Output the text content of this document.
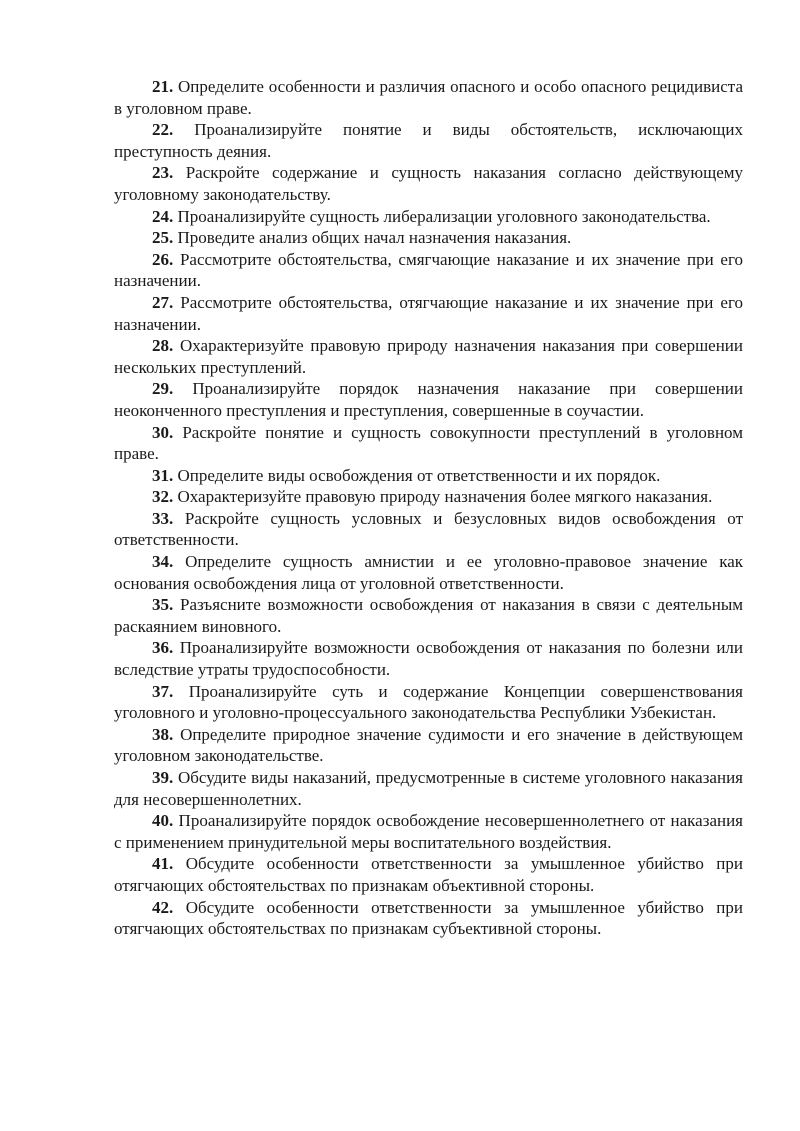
21. Определите особенности и различия опасного и особо опасного рецидивиста в уголовном праве.

22. Проанализируйте понятие и виды обстоятельств, исключающих преступность деяния.

23. Раскройте содержание и сущность наказания согласно действующему уголовному законодательству.

24. Проанализируйте сущность либерализации уголовного законодательства.

25. Проведите анализ общих начал назначения наказания.

26. Рассмотрите обстоятельства, смягчающие наказание и их значение при его назначении.

27. Рассмотрите обстоятельства, отягчающие наказание и их значение при его назначении.

28. Охарактеризуйте правовую природу назначения наказания при совершении нескольких преступлений.

29. Проанализируйте порядок назначения наказание при совершении неоконченного преступления и преступления, совершенные в соучастии.

30. Раскройте понятие и сущность совокупности преступлений в уголовном праве.

31. Определите виды освобождения от ответственности и их порядок.

32. Охарактеризуйте правовую природу назначения более мягкого наказания.

33. Раскройте сущность условных и безусловных видов освобождения от ответственности.

34. Определите сущность амнистии и ее уголовно-правовое значение как основания освобождения лица от уголовной ответственности.

35. Разъясните возможности освобождения от наказания в связи с деятельным раскаянием виновного.

36. Проанализируйте возможности освобождения от наказания по болезни или вследствие утраты трудоспособности.

37. Проанализируйте суть и содержание Концепции совершенствования уголовного и уголовно-процессуального законодательства Республики Узбекистан.

38. Определите природное значение судимости и его значение в действующем уголовном законодательстве.

39. Обсудите виды наказаний, предусмотренные в системе уголовного наказания для несовершеннолетних.

40. Проанализируйте порядок освобождение несовершеннолетнего от наказания с применением принудительной меры воспитательного воздействия.

41. Обсудите особенности ответственности за умышленное убийство при отягчающих обстоятельствах по признакам объективной стороны.

42. Обсудите особенности ответственности за умышленное убийство при отягчающих обстоятельствах по признакам субъективной стороны.
